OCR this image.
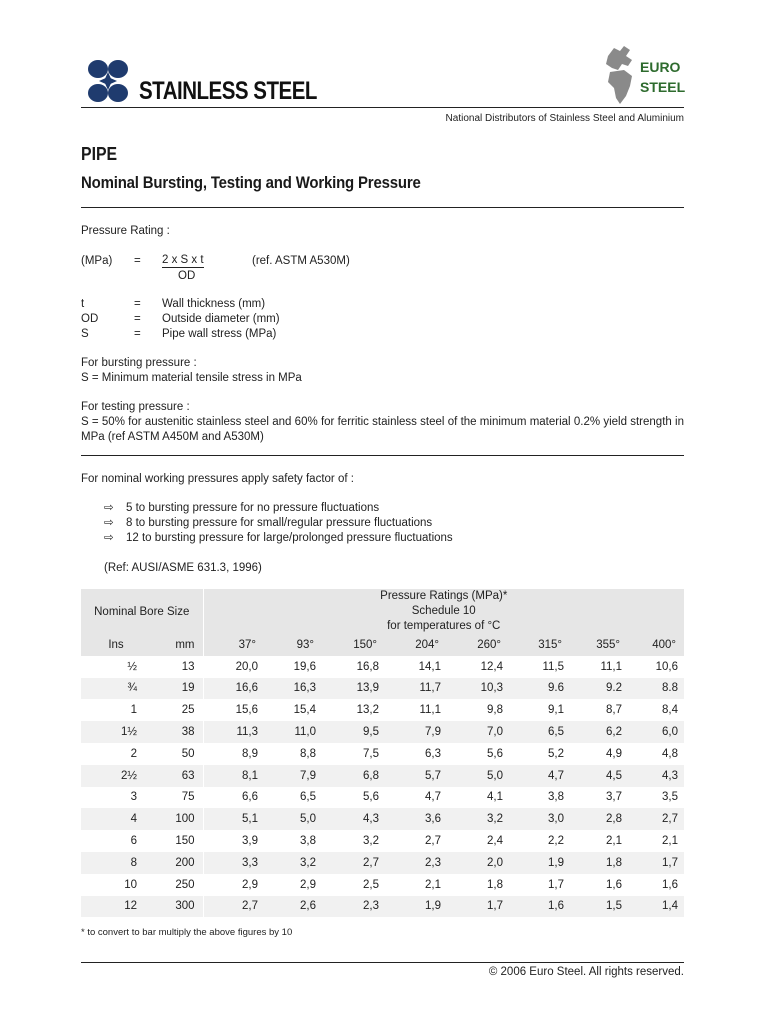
STAINLESS STEEL
EURO
STEEL
National Distributors of Stainless Steel and Aluminium
PIPE
Nominal Bursting, Testing and Working Pressure
Pressure Rating :
(MPa) = 2 x S x t
OD
(ref. ASTM A530M)
t	= Wall thickness (mm)
OD	= Outside diameter (mm)
S	= Pipe wall stress (MPa)
For bursting pressure :
S = Minimum material tensile stress in MPa
For testing pressure :
S = 50% for austenitic stainless steel and 60% for ferritic stainless steel of the minimum material 0.2% yield strength in MPa (ref ASTM A450M and A530M)
For nominal working pressures apply safety factor of :
⇨ 5 to bursting pressure for no pressure fluctuations
⇨ 8 to bursting pressure for small/regular pressure fluctuations
⇨ 12 to bursting pressure for large/prolonged pressure fluctuations
(Ref: AUSI/ASME 631.3, 1996)
Nominal Bore Size		Pressure Ratings (MPa)*
Schedule 10
for temperatures of °C							

Ins	mm	37°	93°	150°	204°	260°	315°	355°	400°
½	13	20,0	19,6	16,8	14,1	12,4	11,5	11,1	10,6
¾	19	16,6	16,3	13,9	11,7	10,3	9.6	9.2	8.8
1	25	15,6	15,4	13,2	11,1	9,8	9,1	8,7	8,4
1½	38	11,3	11,0	9,5	7,9	7,0	6,5	6,2	6,0
2	50	8,9	8,8	7,5	6,3	5,6	5,2	4,9	4,8
2½	63	8,1	7,9	6,8	5,7	5,0	4,7	4,5	4,3
3	75	6,6	6,5	5,6	4,7	4,1	3,8	3,7	3,5
4	100	5,1	5,0	4,3	3,6	3,2	3,0	2,8	2,7
6	150	3,9	3,8	3,2	2,7	2,4	2,2	2,1	2,1
8	200	3,3	3,2	2,7	2,3	2,0	1,9	1,8	1,7
10	250	2,9	2,9	2,5	2,1	1,8	1,7	1,6	1,6
12	300	2,7	2,6	2,3	1,9	1,7	1,6	1,5	1,4
* to convert to bar multiply the above figures by 10
© 2006 Euro Steel. All rights reserved.
